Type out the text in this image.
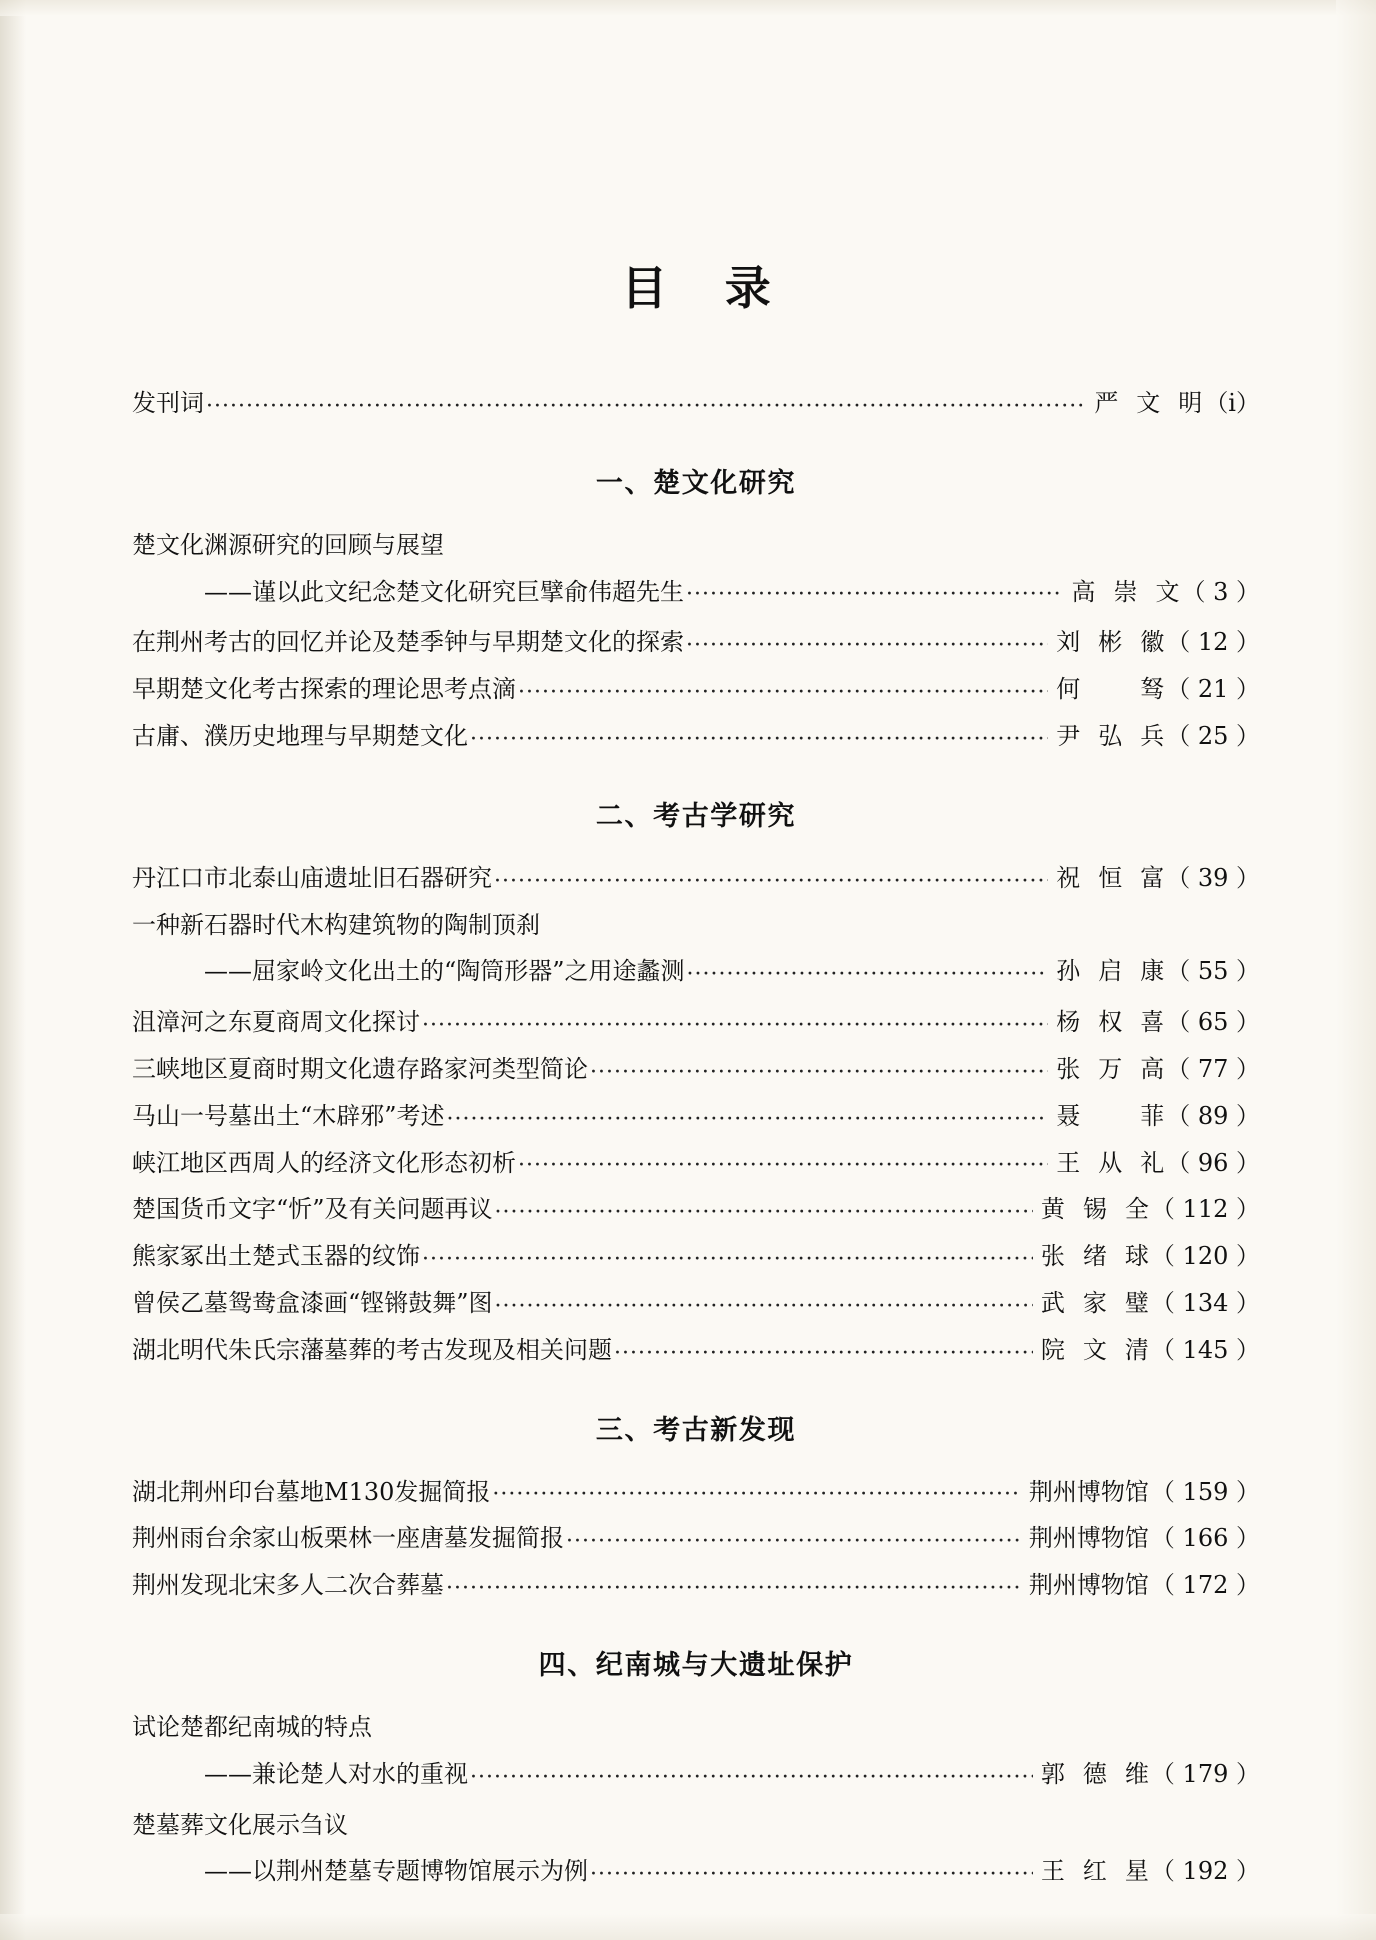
目 录
发刊词 ·····	严文明 （ⅰ）
一、楚文化研究
楚文化渊源研究的回顾与展望
——谨以此文纪念楚文化研究巨擘俞伟超先生 ·····	高崇文 （ 3 ）
在荆州考古的回忆并论及楚季钟与早期楚文化的探索 ·····	刘彬徽 （ 12 ）
早期楚文化考古探索的理论思考点滴 ·····	何　驽 （ 21 ）
古庸、濮历史地理与早期楚文化 ·····	尹弘兵 （ 25 ）
二、考古学研究
丹江口市北泰山庙遗址旧石器研究 ·····	祝恒富 （ 39 ）
一种新石器时代木构建筑物的陶制顶刹
——屈家岭文化出土的“陶筒形器”之用途蠡测 ·····	孙启康 （ 55 ）
沮漳河之东夏商周文化探讨 ·····	杨权喜 （ 65 ）
三峡地区夏商时期文化遗存路家河类型简论 ·····	张万高 （ 77 ）
马山一号墓出土“木辟邪”考述 ·····	聂　菲 （ 89 ）
峡江地区西周人的经济文化形态初析 ·····	王从礼 （ 96 ）
楚国货币文字“忻”及有关问题再议 ·····	黄锡全 （ 112 ）
熊家冢出土楚式玉器的纹饰 ·····	张绪球 （ 120 ）
曾侯乙墓鸳鸯盒漆画“铿锵鼓舞”图 ·····	武家璧 （ 134 ）
湖北明代朱氏宗藩墓葬的考古发现及相关问题 ·····	院文清 （ 145 ）
三、考古新发现
湖北荆州印台墓地M130发掘简报 ·····	荆州博物馆 （ 159 ）
荆州雨台余家山板栗林一座唐墓发掘简报 ·····	荆州博物馆 （ 166 ）
荆州发现北宋多人二次合葬墓 ·····	荆州博物馆 （ 172 ）
四、纪南城与大遗址保护
试论楚都纪南城的特点
——兼论楚人对水的重视 ·····	郭德维 （ 179 ）
楚墓葬文化展示刍议
——以荆州楚墓专题博物馆展示为例 ·····	王红星 （ 192 ）
